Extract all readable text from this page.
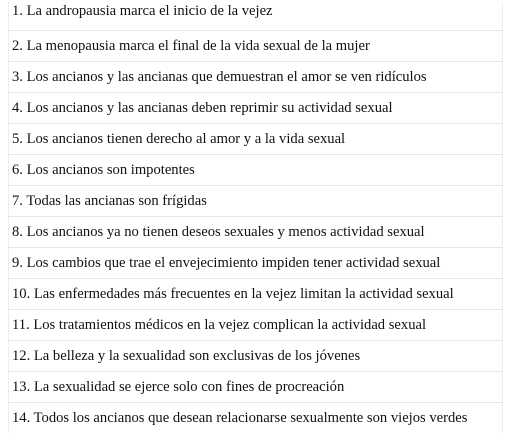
1. La andropausia marca el inicio de la vejez
2. La menopausia marca el final de la vida sexual de la mujer
3. Los ancianos y las ancianas que demuestran el amor se ven ridículos
4. Los ancianos y las ancianas deben reprimir su actividad sexual
5. Los ancianos tienen derecho al amor y a la vida sexual
6. Los ancianos son impotentes
7. Todas las ancianas son frígidas
8. Los ancianos ya no tienen deseos sexuales y menos actividad sexual
9. Los cambios que trae el envejecimiento impiden tener actividad sexual
10. Las enfermedades más frecuentes en la vejez limitan la actividad sexual
11. Los tratamientos médicos en la vejez complican la actividad sexual
12. La belleza y la sexualidad son exclusivas de los jóvenes
13. La sexualidad se ejerce solo con fines de procreación
14. Todos los ancianos que desean relacionarse sexualmente son viejos verdes
